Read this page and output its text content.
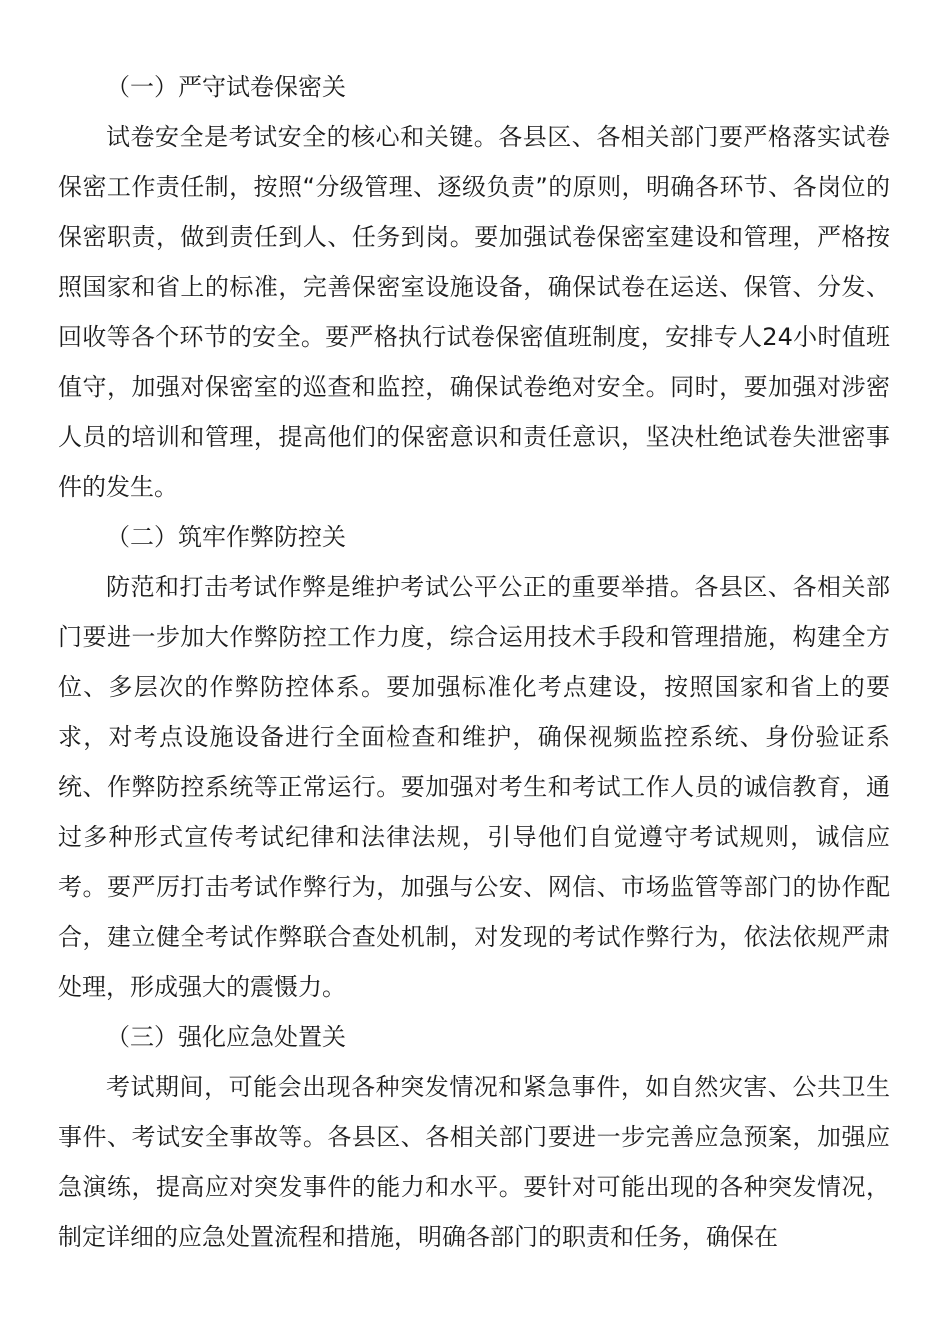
（一）严守试卷保密关

试卷安全是考试安全的核心和关键。各县区、各相关部门要严格落实试卷保密工作责任制，按照“分级管理、逐级负责”的原则，明确各环节、各岗位的保密职责，做到责任到人、任务到岗。要加强试卷保密室建设和管理，严格按照国家和省上的标准，完善保密室设施设备，确保试卷在运送、保管、分发、回收等各个环节的安全。要严格执行试卷保密值班制度，安排专人24小时值班值守，加强对保密室的巡查和监控，确保试卷绝对安全。同时，要加强对涉密人员的培训和管理，提高他们的保密意识和责任意识，坚决杜绝试卷失泄密事件的发生。

（二）筑牢作弊防控关

防范和打击考试作弊是维护考试公平公正的重要举措。各县区、各相关部门要进一步加大作弊防控工作力度，综合运用技术手段和管理措施，构建全方位、多层次的作弊防控体系。要加强标准化考点建设，按照国家和省上的要求，对考点设施设备进行全面检查和维护，确保视频监控系统、身份验证系统、作弊防控系统等正常运行。要加强对考生和考试工作人员的诚信教育，通过多种形式宣传考试纪律和法律法规，引导他们自觉遵守考试规则，诚信应考。要严厉打击考试作弊行为，加强与公安、网信、市场监管等部门的协作配合，建立健全考试作弊联合查处机制，对发现的考试作弊行为，依法依规严肃处理，形成强大的震慑力。

（三）强化应急处置关

考试期间，可能会出现各种突发情况和紧急事件，如自然灾害、公共卫生事件、考试安全事故等。各县区、各相关部门要进一步完善应急预案，加强应急演练，提高应对突发事件的能力和水平。要针对可能出现的各种突发情况，制定详细的应急处置流程和措施，明确各部门的职责和任务，确保在
